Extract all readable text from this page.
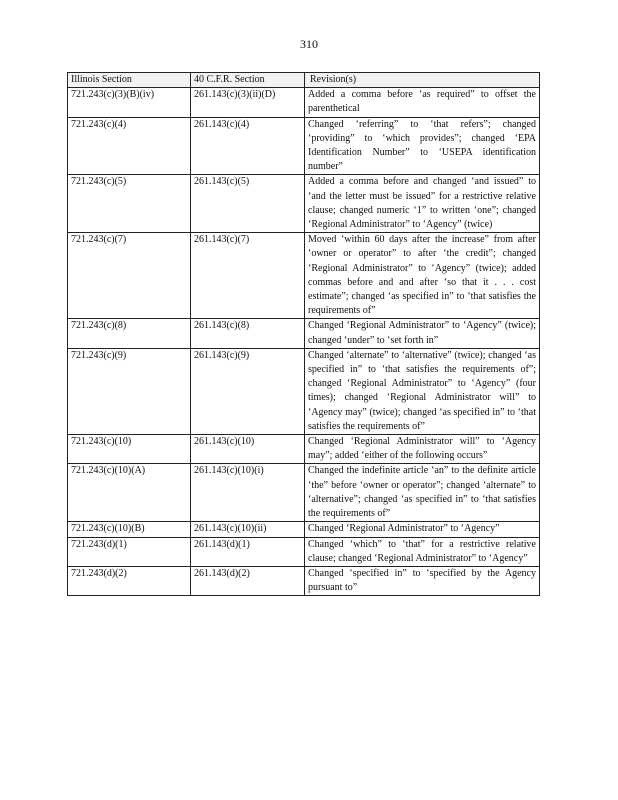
310
Illinois Section	40 C.F.R. Section	Revision(s)
721.243(c)(3)(B)(iv)	261.143(c)(3)(ii)(D)	Added a comma before ‘as required” to offset the parenthetical
721.243(c)(4)	261.143(c)(4)	Changed ‘referring” to ‘that refers”; changed ‘providing” to ‘which provides”; changed ‘EPA Identification Number” to ‘USEPA identification number”
721.243(c)(5)	261.143(c)(5)	Added a comma before and changed ‘and issued” to ‘and the letter must be issued” for a restrictive relative clause; changed numeric ‘1” to written ‘one”; changed ‘Regional Administrator” to ‘Agency” (twice)
721.243(c)(7)	261.143(c)(7)	Moved ‘within 60 days after the increase” from after ‘owner or operator” to after ‘the credit”; changed ‘Regional Administrator” to ‘Agency” (twice); added commas before and and after ‘so that it . . . cost estimate”; changed ‘as specified in” to ‘that satisfies the requirements of”
721.243(c)(8)	261.143(c)(8)	Changed ‘Regional Administrator” to ‘Agency” (twice); changed ‘under” to ‘set forth in”
721.243(c)(9)	261.143(c)(9)	Changed ‘alternate” to ‘alternative” (twice); changed ‘as specified in” to ‘that satisfies the requirements of”; changed ‘Regional Administrator” to ‘Agency” (four times); changed ‘Regional Administrator will” to ‘Agency may” (twice); changed ‘as specified in” to ‘that satisfies the requirements of”
721.243(c)(10)	261.143(c)(10)	Changed ‘Regional Administrator will” to ‘Agency may”; added ‘either of the following occurs”
721.243(c)(10)(A)	261.143(c)(10)(i)	Changed the indefinite article ‘an” to the definite article ‘the” before ‘owner or operator”; changed ‘alternate” to ‘alternative”; changed ‘as specified in” to ‘that satisfies the requirements of”
721.243(c)(10)(B)	261.143(c)(10)(ii)	Changed ‘Regional Administrator” to ‘Agency”
721.243(d)(1)	261.143(d)(1)	Changed ‘which” to ‘that” for a restrictive relative clause; changed ‘Regional Administrator” to ‘Agency”
721.243(d)(2)	261.143(d)(2)	Changed ‘specified in” to ‘specified by the Agency pursuant to”
